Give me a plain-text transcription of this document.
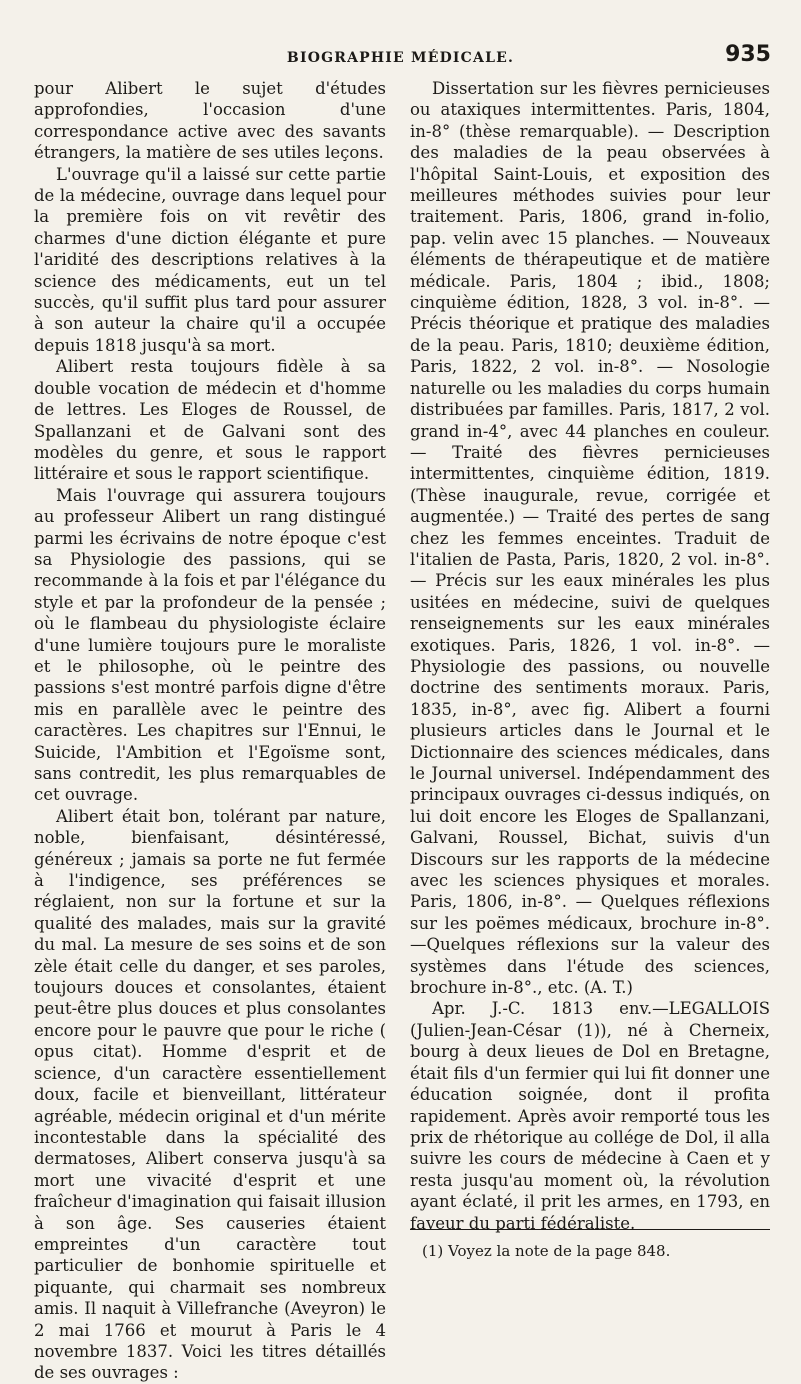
BIOGRAPHIE MÉDICALE.	935

pour Alibert le sujet d'études approfondies, l'occasion d'une correspondance active avec des savants étrangers, la matière de ses utiles leçons.

L'ouvrage qu'il a laissé sur cette partie de la médecine, ouvrage dans lequel pour la première fois on vit revêtir des charmes d'une diction élégante et pure l'aridité des descriptions relatives à la science des médicaments, eut un tel succès, qu'il suffit plus tard pour assurer à son auteur la chaire qu'il a occupée depuis 1818 jusqu'à sa mort.

Alibert resta toujours fidèle à sa double vocation de médecin et d'homme de lettres. Les Eloges de Roussel, de Spallanzani et de Galvani sont des modèles du genre, et sous le rapport littéraire et sous le rapport scientifique.

Mais l'ouvrage qui assurera toujours au professeur Alibert un rang distingué parmi les écrivains de notre époque c'est sa Physiologie des passions, qui se recommande à la fois et par l'élégance du style et par la profondeur de la pensée ; où le flambeau du physiologiste éclaire d'une lumière toujours pure le moraliste et le philosophe, où le peintre des passions s'est montré parfois digne d'être mis en parallèle avec le peintre des caractères. Les chapitres sur l'Ennui, le Suicide, l'Ambition et l'Egoïsme sont, sans contredit, les plus remarquables de cet ouvrage.

Alibert était bon, tolérant par nature, noble, bienfaisant, désintéressé, généreux ; jamais sa porte ne fut fermée à l'indigence, ses préférences se réglaient, non sur la fortune et sur la qualité des malades, mais sur la gravité du mal. La mesure de ses soins et de son zèle était celle du danger, et ses paroles, toujours douces et consolantes, étaient peut-être plus douces et plus consolantes encore pour le pauvre que pour le riche ( opus citat). Homme d'esprit et de science, d'un caractère essentiellement doux, facile et bienveillant, littérateur agréable, médecin original et d'un mérite incontestable dans la spécialité des dermatoses, Alibert conserva jusqu'à sa mort une vivacité d'esprit et une fraîcheur d'imagination qui faisait illusion à son âge. Ses causeries étaient empreintes d'un caractère tout particulier de bonhomie spirituelle et piquante, qui charmait ses nombreux amis. Il naquit à Villefranche (Aveyron) le 2 mai 1766 et mourut à Paris le 4 novembre 1837. Voici les titres détaillés de ses ouvrages :

Dissertation sur les fièvres pernicieuses ou ataxiques intermittentes. Paris, 1804, in-8° (thèse remarquable). — Description des maladies de la peau observées à l'hôpital Saint-Louis, et exposition des meilleures méthodes suivies pour leur traitement. Paris, 1806, grand in-folio, pap. velin avec 15 planches. — Nouveaux éléments de thérapeutique et de matière médicale. Paris, 1804 ; ibid., 1808; cinquième édition, 1828, 3 vol. in-8°. — Précis théorique et pratique des maladies de la peau. Paris, 1810; deuxième édition, Paris, 1822, 2 vol. in-8°. — Nosologie naturelle ou les maladies du corps humain distribuées par familles. Paris, 1817, 2 vol. grand in-4°, avec 44 planches en couleur. — Traité des fièvres pernicieuses intermittentes, cinquième édition, 1819. (Thèse inaugurale, revue, corrigée et augmentée.) — Traité des pertes de sang chez les femmes enceintes. Traduit de l'italien de Pasta, Paris, 1820, 2 vol. in-8°. — Précis sur les eaux minérales les plus usitées en médecine, suivi de quelques renseignements sur les eaux minérales exotiques. Paris, 1826, 1 vol. in-8°. — Physiologie des passions, ou nouvelle doctrine des sentiments moraux. Paris, 1835, in-8°, avec fig. Alibert a fourni plusieurs articles dans le Journal et le Dictionnaire des sciences médicales, dans le Journal universel. Indépendamment des principaux ouvrages ci-dessus indiqués, on lui doit encore les Eloges de Spallanzani, Galvani, Roussel, Bichat, suivis d'un Discours sur les rapports de la médecine avec les sciences physiques et morales. Paris, 1806, in-8°. — Quelques réflexions sur les poëmes médicaux, brochure in-8°.—Quelques réflexions sur la valeur des systèmes dans l'étude des sciences, brochure in-8°., etc. (A. T.)

Apr. J.-C. 1813 env.—LEGALLOIS (Julien-Jean-César (1)), né à Cherneix, bourg à deux lieues de Dol en Bretagne, était fils d'un fermier qui lui fit donner une éducation soignée, dont il profita rapidement. Après avoir remporté tous les prix de rhétorique au collége de Dol, il alla suivre les cours de médecine à Caen et y resta jusqu'au moment où, la révolution ayant éclaté, il prit les armes, en 1793, en faveur du parti fédéraliste.

(1) Voyez la note de la page 848.
